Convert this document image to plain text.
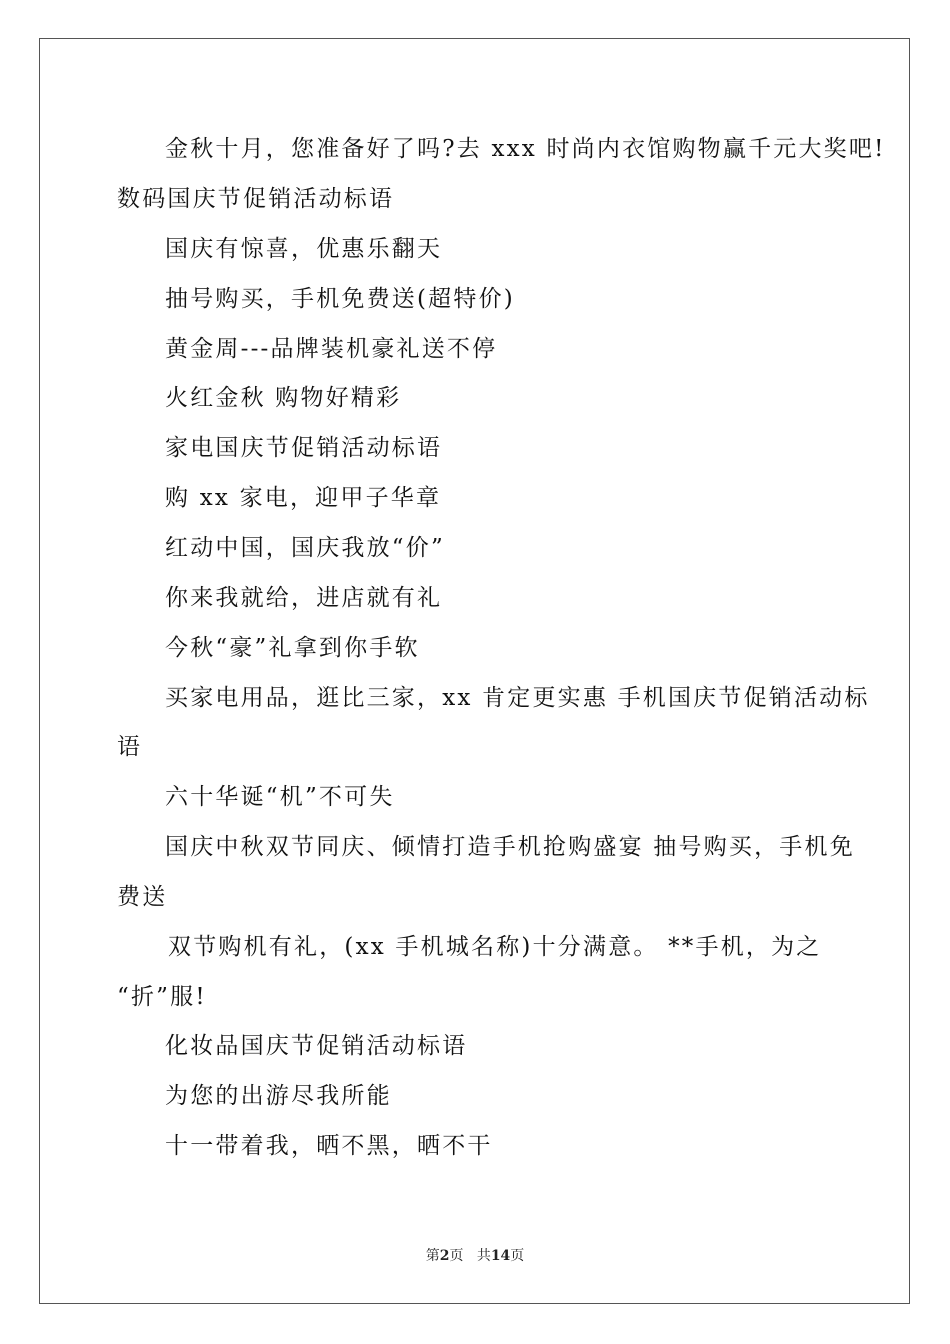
金秋十月，您准备好了吗?去 xxx 时尚内衣馆购物赢千元大奖吧!
数码国庆节促销活动标语
国庆有惊喜，优惠乐翻天
抽号购买，手机免费送(超特价)
黄金周---品牌装机豪礼送不停
火红金秋 购物好精彩
家电国庆节促销活动标语
购 xx 家电，迎甲子华章
红动中国，国庆我放“价”
你来我就给，进店就有礼
今秋“豪”礼拿到你手软
买家电用品，逛比三家，xx 肯定更实惠 手机国庆节促销活动标
语
六十华诞“机”不可失
国庆中秋双节同庆、倾情打造手机抢购盛宴 抽号购买，手机免
费送
双节购机有礼，(xx 手机城名称)十分满意。 **手机，为之
“折”服!
化妆品国庆节促销活动标语
为您的出游尽我所能
十一带着我，晒不黑，晒不干
第2页 共14页
